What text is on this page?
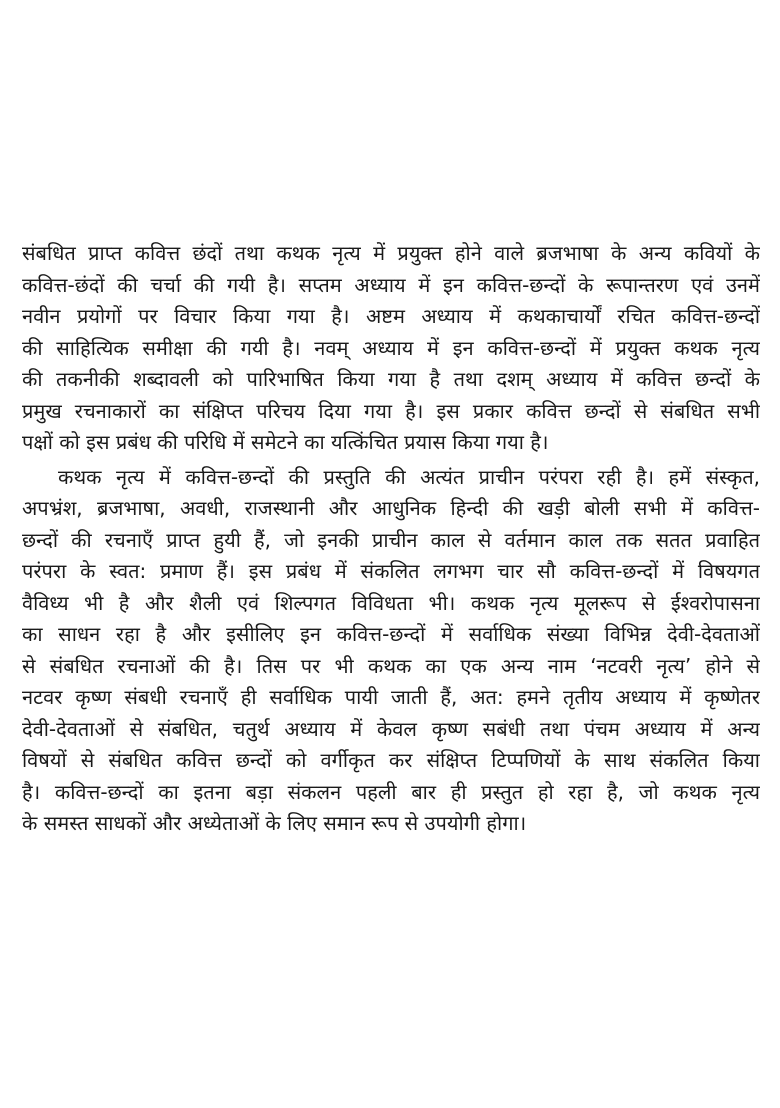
संबधित प्राप्त कवित्त छंदों तथा कथक नृत्य में प्रयुक्त होने वाले ब्रजभाषा के अन्य कवियों के
कवित्त-छंदों की चर्चा की गयी है। सप्तम अध्याय में इन कवित्त-छन्दों के रूपान्तरण एवं उनमें
नवीन प्रयोगों पर विचार किया गया है। अष्टम अध्याय में कथकाचार्यों रचित कवित्त-छन्दों
की साहित्यिक समीक्षा की गयी है। नवम् अध्याय में इन कवित्त-छन्दों में प्रयुक्त कथक नृत्य
की तकनीकी शब्दावली को पारिभाषित किया गया है तथा दशम् अध्याय में कवित्त छन्दों के
प्रमुख रचनाकारों का संक्षिप्त परिचय दिया गया है। इस प्रकार कवित्त छन्दों से संबधित सभी
पक्षों को इस प्रबंध की परिधि में समेटने का यत्किंचित प्रयास किया गया है।
कथक नृत्य में कवित्त-छन्दों की प्रस्तुति की अत्यंत प्राचीन परंपरा रही है। हमें संस्कृत,
अपभ्रंश, ब्रजभाषा, अवधी, राजस्थानी और आधुनिक हिन्दी की खड़ी बोली सभी में कवित्त-
छन्दों की रचनाएँ प्राप्त हुयी हैं, जो इनकी प्राचीन काल से वर्तमान काल तक सतत प्रवाहित
परंपरा के स्वत: प्रमाण हैं। इस प्रबंध में संकलित लगभग चार सौ कवित्त-छन्दों में विषयगत
वैविध्य भी है और शैली एवं शिल्पगत विविधता भी। कथक नृत्य मूलरूप से ईश्वरोपासना
का साधन रहा है और इसीलिए इन कवित्त-छन्दों में सर्वाधिक संख्या विभिन्न देवी-देवताओं
से संबधित रचनाओं की है। तिस पर भी कथक का एक अन्य नाम ‘नटवरी नृत्य’ होने से
नटवर कृष्ण संबधी रचनाएँ ही सर्वाधिक पायी जाती हैं, अत: हमने तृतीय अध्याय में कृष्णेतर
देवी-देवताओं से संबधित, चतुर्थ अध्याय में केवल कृष्ण सबंधी तथा पंचम अध्याय में अन्य
विषयों से संबधित कवित्त छन्दों को वर्गीकृत कर संक्षिप्त टिप्पणियों के साथ संकलित किया
है। कवित्त-छन्दों का इतना बड़ा संकलन पहली बार ही प्रस्तुत हो रहा है, जो कथक नृत्य
के समस्त साधकों और अध्येताओं के लिए समान रूप से उपयोगी होगा।
